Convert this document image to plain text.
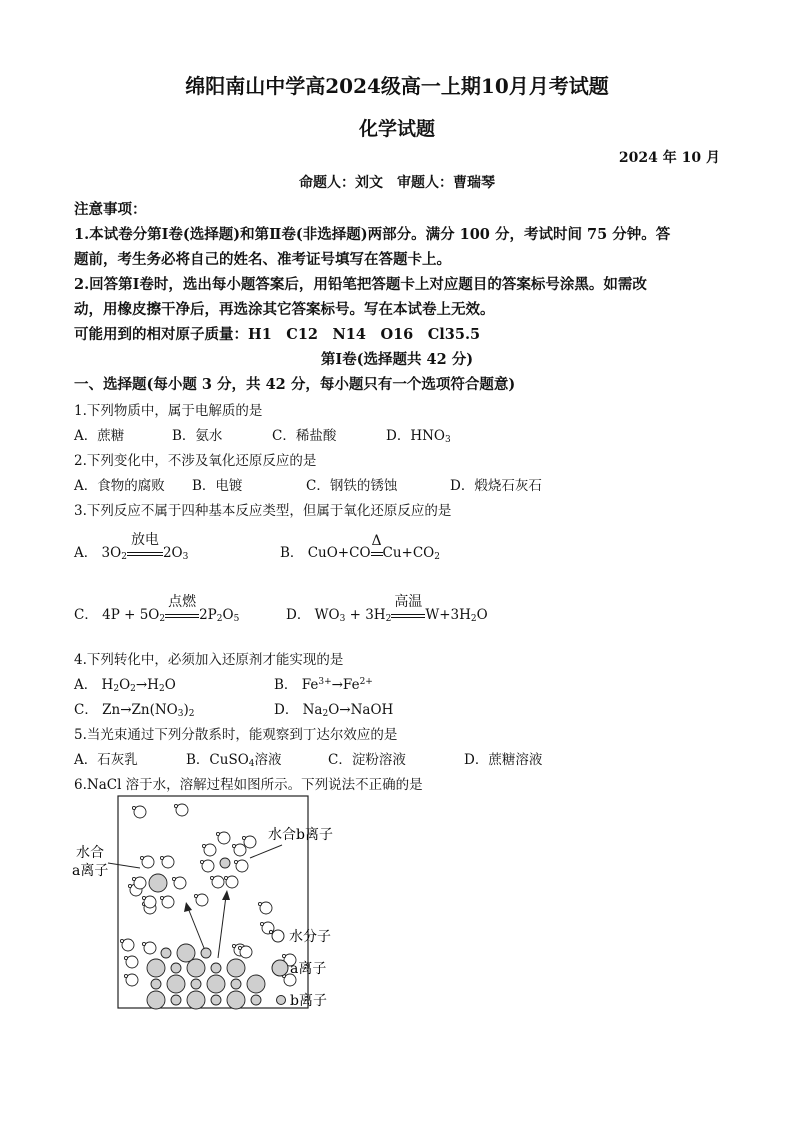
绵阳南山中学高2024级高一上期10月月考试题
化学试题
2024 年 10 月
命题人：刘文　审题人：曹瑞琴
注意事项：
1.本试卷分第Ⅰ卷(选择题)和第Ⅱ卷(非选择题)两部分。满分 100 分，考试时间 75 分钟。答
题前，考生务必将自己的姓名、准考证号填写在答题卡上。
2.回答第Ⅰ卷时，选出每小题答案后，用铅笔把答题卡上对应题目的答案标号涂黑。如需改
动，用橡皮擦干净后，再选涂其它答案标号。写在本试卷上无效。
可能用到的相对原子质量：H1　C12　N14　O16　Cl35.5
第Ⅰ卷(选择题共 42 分)
一、选择题(每小题 3 分，共 42 分，每小题只有一个选项符合题意)
1.下列物质中，属于电解质的是
A．蔗糖	B．氨水	C．稀盐酸	D．$HNO_3$
2.下列变化中，不涉及氧化还原反应的是
A．食物的腐败 B．电镀	C．钢铁的锈蚀	D．煅烧石灰石
3.下列反应不属于四种基本反应类型，但属于氧化还原反应的是
A． $3O_2$
放电
$2O_3$	B． CuO+CO
Δ
$Cu+CO_2$
C． $4P + 5O_2$
点燃
$2P_2O_5$	D． $WO_3 + 3H_2$
高温
$W+3H_2O$
4.下列转化中，必须加入还原剂才能实现的是
A． $H_2O_2\to H_2O$	B． $Fe^{3+}\to Fe^{2+}$
C． $Zn\to Zn(NO_3)_2$	D． $Na_2O\to NaOH$
5.当光束通过下列分散系时，能观察到丁达尔效应的是
A．石灰乳	B．CuSO$_4$溶液	C．淀粉溶液	D．蔗糖溶液
6.NaCl 溶于水，溶解过程如图所示。下列说法不正确的是
水合
a离子
水合b离子
水分子
a离子
b离子
